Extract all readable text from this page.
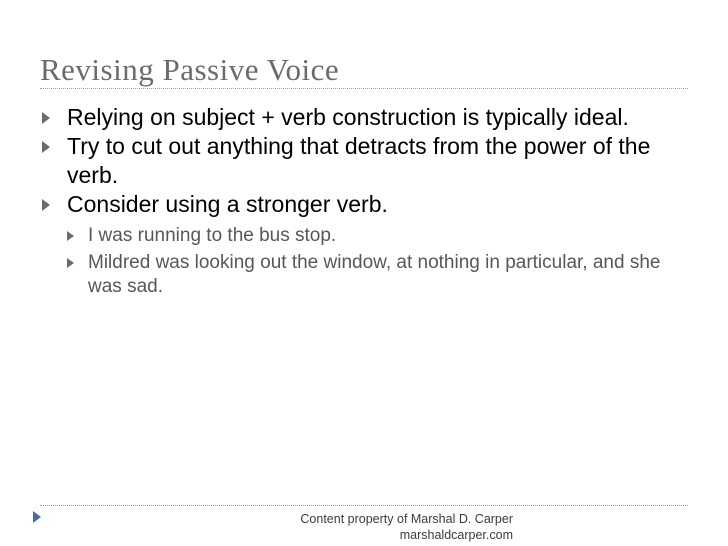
Revising Passive Voice
Relying on subject + verb construction is typically ideal.
Try to cut out anything that detracts from the power of the verb.
Consider using a stronger verb.
I was running to the bus stop.
Mildred was looking out the window, at nothing in particular, and she was sad.
Content property of Marshal D. Carper
marshaldcarper.com
